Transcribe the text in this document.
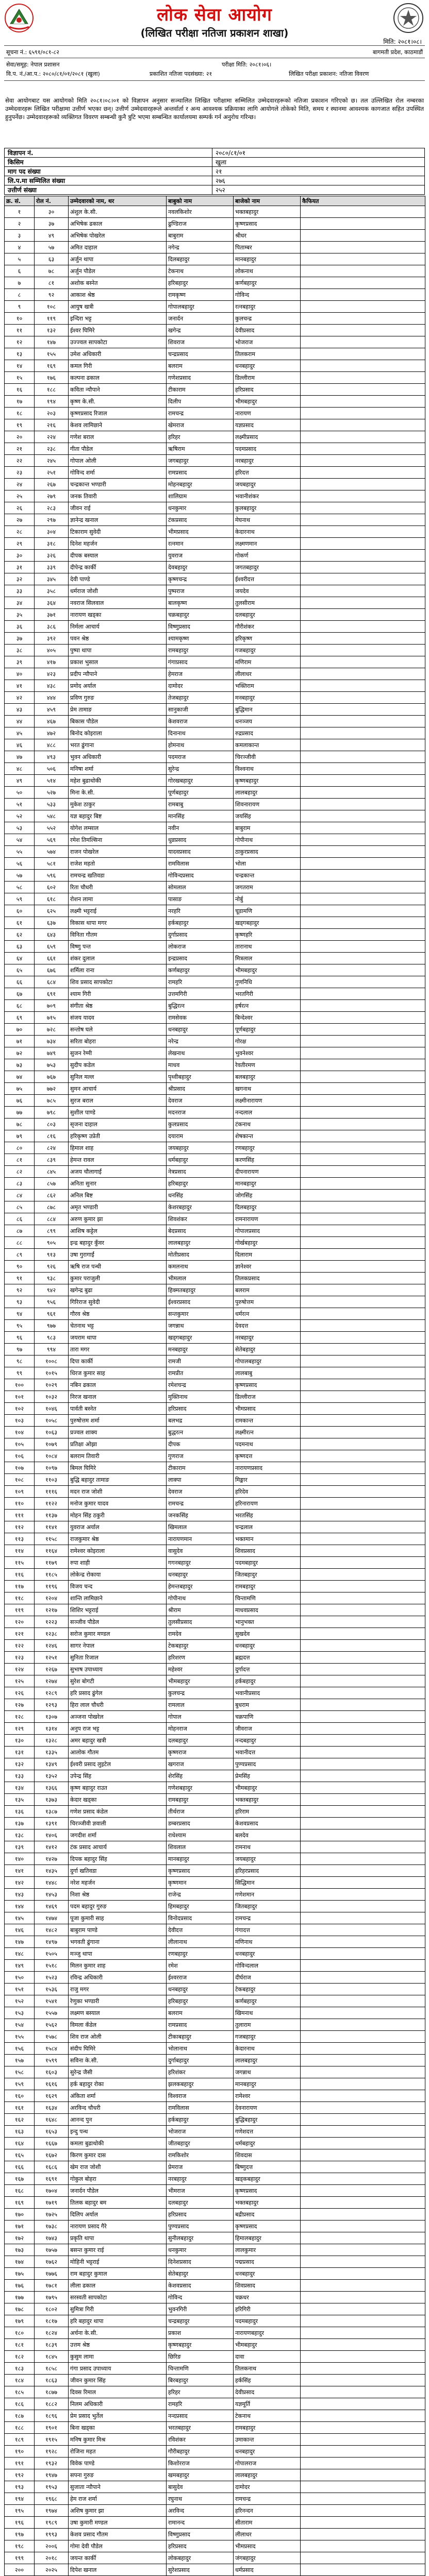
लोक सेवा आयोग
(लिखित परीक्षा नतिजा प्रकाशन शाखा)
मिति: २०८१।०८।
सूचना नं.: ६५९१/०८१-८२	बागमती प्रदेश, काठमाडौं
सेवा/समूह: नेपाल प्रशासन	परीक्षा मिति: २०८१।०६।
वि.प. नं./आ.प.: २०८०/८१/०१/२०८१ (खुला)	प्रकाशित नतिजा पदसंख्या: २१	लिखित परीक्षा प्रकाशन: नतिजा विवरण
सेवा आयोगबाट यस आयोगको मिति २०८१।०८।०१ को विज्ञापन अनुसार सञ्चालित लिखित परीक्षामा सम्मिलित उम्मेदवारहरूको नतिजा प्रकाशन गरिएको छ। तल उल्लिखित रोल नम्बरका उम्मेदवारहरू लिखित परीक्षामा उत्तीर्ण भएका छन्। उत्तीर्ण उम्मेदवारहरूले अन्तर्वार्ता र अन्य आवश्यक प्रक्रियाका लागि आयोगले तोकेको मिति, समय र स्थानमा आवश्यक कागजात सहित उपस्थित हुनुपर्नेछ। उम्मेदवारहरूको व्यक्तिगत विवरण सम्बन्धी कुनै त्रुटि भएमा सम्बन्धित कार्यालयमा सम्पर्क गर्न अनुरोध गरिन्छ।
विज्ञापन नं.	२०८०/८१/०१
किसिम	खुला
माग पद संख्या	२१
लि.प.मा सम्मिलित संख्या	२७६
उत्तीर्ण संख्या	२५२
क्र. सं.	रोल नं.	उम्मेदवारको नाम, थर	बाबुको नाम	बाजेको नाम	कैफियत
१	३०	अंशुल के.सी.	नवलकिशोर	भक्तबहादुर	
२	३७	अभिषेक ढकाल	ढुण्डिराज	कृष्णप्रसाद	
३	४९	अभिषेक पोखरेल	बाबुराम	श्रीधर	
४	५७	अमित दाहाल	नगेन्द्र	पिताम्बर	
५	६३	अर्जुन थापा	दिलबहादुर	मानबहादुर	
६	७८	अर्जुन पौडेल	टेकनाथ	लोकनाथ	
७	८१	अशोक बस्नेत	हरिबहादुर	कर्णबहादुर	
८	९२	आकाश श्रेष्ठ	रामकृष्ण	गोविन्द	
९	१०८	आयुष खत्री	गोपालबहादुर	रत्नबहादुर	
१०	११९	इन्दिरा भट्ट	जनार्दन	कुलचन्द्र	
११	१३२	ईश्वर घिमिरे	खगेन्द्र	देवीप्रसाद	
१२	१४७	उज्ज्वल सापकोटा	शिवराज	भोजराज	
१३	१५५	उमेश अधिकारी	चन्द्रप्रसाद	तिलकराम	
१४	१६९	कमल गिरी	बलराम	धनबहादुर	
१५	१७६	कल्पना ढकाल	गणेशप्रसाद	डिल्लीराम	
१६	१८८	कविता न्यौपाने	टीकाराम	हरिप्रसाद	
१७	१९४	कृष्ण के.सी.	दिलीप	भीमबहादुर	
१८	२०३	कृष्णप्रसाद रिजाल	रामचन्द्र	नारायण	
१९	२१६	केशव लामिछाने	खेमराज	यज्ञप्रसाद	
२०	२२४	गणेश बराल	हरिहर	लक्ष्मीप्रसाद	
२१	२३८	गीता पौडेल	ऋषिराम	पदमप्रसाद	
२२	२४५	गोपाल ओली	जगबहादुर	नरबहादुर	
२३	२५१	गोविन्द शर्मा	रामप्रसाद	हरिदत्त	
२४	२६७	चन्द्रकान्त भण्डारी	मोहनबहादुर	जयबहादुर	
२५	२७९	जनक तिवारी	शालिग्राम	भवानीशंकर	
२६	२८३	जीवन राई	धनकुमार	कुलबहादुर	
२७	२९७	ज्ञानेन्द्र खनाल	टंकप्रसाद	मेघनाथ	
२८	३०४	टिकाराम सुवेदी	भीमप्रसाद	केदारनाथ	
२९	३१८	दिनेश महर्जन	रत्नमान	लक्ष्मणमान	
३०	३२६	दीपक बस्याल	युवराज	गोकर्ण	
३१	३३९	दीपेन्द्र कार्की	देवबहादुर	जगतबहादुर	
३२	३४५	देवी पाण्डे	कृष्णचन्द्र	ईश्वरीदत्त	
३३	३५८	धर्मराज जोशी	पुष्पराज	जयदेव	
३४	३६४	नवराज सिलवाल	बालकृष्ण	तुलसीराम	
३५	३७१	नारायण खड्का	चक्रबहादुर	दलबहादुर	
३६	३८६	निर्मला आचार्य	विष्णुप्रसाद	गौरीशंकर	
३७	३९२	पवन श्रेष्ठ	श्यामकृष्ण	हरिकृष्ण	
३८	४०५	पुष्पा थापा	रामबहादुर	गजबहादुर	
३९	४१७	प्रकाश भुसाल	गंगाप्रसाद	मणिराम	
४०	४२३	प्रदीप न्यौपाने	हेमराज	लीलाधर	
४१	४३८	प्रमोद अर्याल	दामोदर	भक्तिराम	
४२	४४४	प्रविण गुरुङ	तेजबहादुर	मनबहादुर	
४३	४५९	प्रेम तामाङ	सानुकाजी	बुद्धिमान	
४४	४६७	बिकास पौडेल	केशवराज	धनञ्जय	
४५	४७२	बिनोद कोइराला	दिनानाथ	रुद्रप्रसाद	
४६	४८८	भरत ढुंगाना	होमनाथ	कमलाकान्त	
४७	४९३	भुवन अधिकारी	पदमराज	चिरञ्जीवी	
४८	५०६	मनिषा शर्मा	सुरेन्द्र	विश्वनाथ	
४९	५१४	महेश बुढाथोकी	गोरखबहादुर	कृष्णबहादुर	
५०	५२७	मिना के.सी.	पूर्णबहादुर	लालबहादुर	
५१	५३३	मुकेश ठाकुर	रामबाबु	शिवनारायण	
५२	५४८	यज्ञ बहादुर बिष्ट	मानसिंह	जयसिंह	
५३	५५२	योगेश लम्साल	नवीन	बाबुराम	
५४	५६९	रमेश तिमल्सिना	धुव्रप्रसाद	गोपीनाथ	
५५	५७४	राजन पोखरेल	यादवप्रसाद	ठाकुरप्रसाद	
५६	५८१	राजेश महतो	रामविलास	भोला	
५७	५९६	रामचन्द्र खतिवडा	गोविन्दप्रसाद	चन्द्रकान्त	
५८	६०२	रिता चौधरी	सोमलाल	जगतराम	
५९	६१८	रोशन लामा	पासाङ	नोर्बु	
६०	६२५	लक्ष्मी भट्टराई	नरहरि	चूडामणि	
६१	६३७	विकास थापा मगर	हर्कबहादुर	खड्गबहादुर	
६२	६४३	विनिता गौतम	दुर्गाप्रसाद	कृष्णहरि	
६३	६५९	विष्णु पन्त	लोकराज	तारानाथ	
६४	६६१	शंकर दुलाल	इन्द्रप्रसाद	मित्रलाल	
६५	६७६	शर्मिला राना	कर्णबहादुर	भीमबहादुर	
६६	६८४	शिव प्रसाद सापकोटा	रामहरि	गुणनिधि	
६७	६९१	श्याम गिरी	उत्तमगिरी	भरतगिरी	
६८	७०९	संगीता श्रेष्ठ	बुद्धिरत्न	हर्षरत्न	
६९	७१५	संजय यादव	रामसेवक	बिन्देश्वर	
७०	७२८	सन्तोष घले	धनबहादुर	पूर्णबहादुर	
७१	७३४	सरिता बोहरा	नरेन्द्र	गोरक्ष	
७२	७४९	सुजन रेग्मी	लेखनाथ	भुवनेश्वर	
७३	७५३	सुदीप कडेल	माधव	रेवतीरमण	
७४	७६७	सुनिल मल्ल	पृथ्वीबहादुर	बलबहादुर	
७५	७७२	सुमन आचार्य	श्रीप्रसाद	खगनाथ	
७६	७८५	सुरज बराल	देवराज	लक्ष्मीनारायण	
७७	७९८	सुशील पाण्डे	मदनराज	नन्दलाल	
७८	८०३	सृजना दाहाल	कुलप्रसाद	टंकनाथ	
७९	८१६	हरिकृष्ण उप्रेती	दयाराम	शेषकान्त	
८०	८२४	हिमाल शाह	जयबहादुर	रणबहादुर	
८१	८३९	हेमन्त रावल	धर्मबहादुर	करणसिंह	
८२	८४५	अजय चौलागाईं	नेत्रप्रसाद	दीपनारायण	
८३	८५७	अनिता सुनार	हरिबहादुर	मानबहादुर	
८४	८६२	अनिल बिष्ट	धनसिंह	जोगसिंह	
८५	८७८	अमृत भण्डारी	केशरबहादुर	दिलबहादुर	
८६	८८४	अरुण कुमार झा	शिवशंकर	रामनारायण	
८७	८९९	आशिष कट्टेल	बेदप्रसाद	गोपालप्रसाद	
८८	९०५	इन्द्र बहादुर कुँवर	लालबहादुर	गोर्खबहादुर	
८९	९१३	उषा गुरागाईं	मोतीप्रसाद	दिलाराम	
९०	९२६	ऋषि राज पन्थी	कमलनाथ	ज्ञानेश्वर	
९१	९३८	कुमार पराजुली	भीमलाल	तिलकप्रसाद	
९२	९४२	खगेन्द्र बुढा	हिक्मतबहादुर	बलराम	
९३	९५६	गिरिराज सुवेदी	ईश्वरप्रसाद	पुरुषोत्तम	
९४	९६१	गौरव श्रेष्ठ	सन्तकुमार	धर्मरत्न	
९५	९७७	चेतनाथ भट्ट	जगन्नाथ	देवदत्त	
९६	९८३	जयराम थापा	खड्गबहादुर	नरबहादुर	
९७	९९४	तारा मगर	मनबहादुर	सेतेबहादुर	
९८	१००८	दिपा कार्की	रामजी	गोपालबहादुर	
९९	१०१५	धिरज कुमार साह	रामप्रीत	लालबाबु	
१००	१०२९	नबिन ढकाल	रमेशचन्द्र	कृष्णप्रसाद	
१०१	१०३२	निरज खनाल	मुक्तिनाथ	डिल्लीराज	
१०२	१०४६	पार्वती बस्नेत	हरिप्रसाद	भीमप्रसाद	
१०३	१०५८	पुरुषोत्तम शर्मा	बलभद्र	रामकान्त	
१०४	१०६३	प्रज्वल शाक्य	बुद्धरत्न	लक्ष्मीरत्न	
१०५	१०७९	प्रतिक्षा ओझा	दीपक	पदमनाथ	
१०६	१०८४	बलराम तिवारी	गुणराज	कृष्णदत्त	
१०७	१०९७	बिमल घिमिरे	टीकाराम	नारायणप्रसाद	
१०८	११०३	बुद्धि बहादुर तामाङ	लाक्पा	मिङ्मार	
१०९	१११६	मदन राज जोशी	देवराज	हरिदेव	
११०	११२२	मनोज कुमार यादव	रामचन्द्र	हरिनारायण	
१११	११३७	मोहन सिंह ठकुरी	जनकसिंह	भरतसिंह	
११२	११४१	युवराज अर्याल	खिमलाल	चन्द्रलाल	
११३	११५८	राजकुमार श्रेष्ठ	नारायणमान	भक्तमान	
११४	११६४	रामेश्वर कोइराला	वासुदेव	शिवप्रसाद	
११५	११७९	रुपा शाही	गगनबहादुर	पदमबहादुर	
११६	११८५	लोकेन्द्र रोकाया	धनबहादुर	जितबहादुर	
११७	११९६	विजय चन्द	हेमन्तबहादुर	रामबहादुर	
११८	१२०४	शान्ति लामिछाने	गोपीनाथ	चिन्तामणि	
११९	१२१७	शिशिर भट्टराई	श्रीराम	माधवप्रसाद	
१२०	१२२३	सञ्जीव पौडेल	तुलसीप्रसाद	भानुभक्त	
१२१	१२३८	सरोज कुमार मण्डल	रामदेव	सुखदेव	
१२२	१२४६	सागर नेपाल	टेकबहादुर	धनबहादुर	
१२३	१२५१	सुनिता रिजाल	हरिशरण	ब्रह्मदत्त	
१२४	१२६७	सुभाष उपाध्याय	महेश्वर	दुर्गादत्त	
१२५	१२७४	सुरेश बोगटी	भीमबहादुर	हर्कबहादुर	
१२६	१२८९	हरि प्रसाद ढुंगेल	कुलचन्द्र	भवानीप्रसाद	
१२७	१२९३	हिरा लाल चौधरी	रामलाल	बुधराम	
१२८	१३०७	अञ्जना पोखरेल	गोपाल	चक्रपाणि	
१२९	१३१४	अनुप राज भट्ट	मोहनराज	जीवराज	
१३०	१३२८	अमर बहादुर खत्री	दलबहादुर	नन्दबहादुर	
१३१	१३३५	आलोक गौतम	कृष्णराज	भवानीदत्त	
१३२	१३४९	ईश्वरी प्रसाद लुइटेल	खगराज	पुण्यप्रसाद	
१३३	१३५२	उपेन्द्र सिंह	शेरसिंह	प्रेमसिंह	
१३४	१३६६	कृष्ण बहादुर राउत	गणेशबहादुर	भीमबहादुर	
१३५	१३७३	केदार खड्का	रामबहादुर	भक्तबहादुर	
१३६	१३८७	गणेश प्रसाद कंडेल	तीर्थराज	हरिराम	
१३७	१३९१	चिरञ्जीवी ज्ञवाली	डम्बरप्रसाद	केशवप्रसाद	
१३८	१४०६	जगदीश शर्मा	राधेश्याम	बलदेव	
१३९	१४१२	टंक प्रसाद आचार्य	शिवलाल	रामनाथ	
१४०	१४२७	दिपक बहादुर सिंह	मानबहादुर	जयबहादुर	
१४१	१४३५	दुर्गा खतिवडा	कृष्णप्रसाद	हरिहरप्रसाद	
१४२	१४४८	नरेश महर्जन	कृष्णमान	सिद्धिमान	
१४३	१४५३	निशा श्रेष्ठ	राजेन्द्र	गणेशमान	
१४४	१४६९	पदम बहादुर गुरुङ	हिमबहादुर	जितबहादुर	
१४५	१४७४	पूजा कुमारी साह	विनोदप्रसाद	रामचन्द्र	
१४६	१४८२	बाबुराम पाण्डे	देवीदत्त	गंगादत्त	
१४७	१४९७	भगवती ढुंगाना	लीलानाथ	मणिनाथ	
१४८	१५०५	मञ्जु थापा	रणबहादुर	धनबहादुर	
१४९	१५१८	मिलन कुमार शाह	रमेश	गोविन्दलाल	
१५०	१५२३	रविन्द्र अधिकारी	ईश्वरराज	दीर्घराज	
१५१	१५३६	राजु मगर	धनबहादुर	टेकबहादुर	
१५२	१५४१	रेणुका भण्डारी	हरिबहादुर	कर्णबहादुर	
१५३	१५५७	लक्ष्मण बस्याल	बलराम	खिमनाथ	
१५४	१५६२	विमला कँडेल	रामप्रसाद	तुलाराम	
१५५	१५७८	शिव राज ओली	टीकाबहादुर	गजबहादुर	
१५६	१५८४	संदीप घिमिरे	भोलानाथ	केदारनाथ	
१५७	१५९९	सविना के.सी.	दुर्गाबहादुर	लालबहादुर	
१५८	१६०३	सुरेन्द्र जैसी	हरिशंकर	जगन्नाथ	
१५९	१६१६	हर्क बहादुर रोका	झलकबहादुर	मानबहादुर	
१६०	१६२९	अंकिता शर्मा	विश्वराज	रामेश्वर	
१६१	१६३४	अरविन्द चौधरी	रामविलास	देवनारायण	
१६२	१६४८	आनन्द पुन	हर्कबहादुर	बुद्धिबहादुर	
१६३	१६५३	इन्दु पन्थ	भोजराज	गणेशदत्त	
१६४	१६६७	कमला बुढाथोकी	जीतबहादुर	धर्मबहादुर	
१६५	१६७२	किरण कुमार दास	रामकिशोर	शिवदास	
१६६	१६८६	खेम राज जोशी	प्रेमराज	बिष्णुदत्त	
१६७	१६९१	गोकुल बोहरा	नरबहादुर	खड्कबहादुर	
१६८	१७०४	जनार्दन पौडेल	भीमराज	कृष्णप्रसाद	
१६९	१७१९	तिलक बहादुर बम	दलबहादुर	भक्तबहादुर	
१७०	१७२५	दिलिप अर्याल	हरिप्रसाद	बद्रीप्रसाद	
१७१	१७३८	नारायण प्रसाद गैरे	पुण्यप्रसाद	कृष्णप्रसाद	
१७२	१७४३	प्रकृति थापा	सुनीलबहादुर	हिमालबहादुर	
१७३	१७५७	बसन्त कुमार राई	धनकुमार	लालकुमार	
१७४	१७६२	मोहिनी भट्टराई	दिनेशप्रसाद	पद्मप्रसाद	
१७५	१७७६	राम बहादुर कुमाल	सेतेबहादुर	धनबहादुर	
१७६	१७८१	लीला ढकाल	केशवप्रसाद	शिवप्रसाद	
१७७	१७९५	सरस्वती सापकोटा	गोविन्द	चक्रधर	
१७८	१८०२	सुमित्रा गिरी	भुवनगिरी	हरिगिरी	
१७९	१८१७	हरि बहादुर थापा	चन्द्रबहादुर	पदमबहादुर	
१८०	१८२४	अर्चना के.सी.	प्रकाश	नारायणबहादुर	
१८१	१८३९	उत्तम श्रेष्ठ	कृष्णबहादुर	भीमबहादुर	
१८२	१८४५	कुसुम लामा	छिरिङ	दावा	
१८३	१८५८	गंगा प्रसाद उपाध्याय	चिन्तामणि	तिलकनाथ	
१८४	१८६३	जीवन कुमार सिंह	बिरबहादुर	हर्कसिंह	
१८५	१८७७	दिवस रिमाल	हरिहर	देवीप्रसाद	
१८६	१८८२	निलम अधिकारी	रामहरि	यज्ञमूर्ति	
१८७	१८९६	प्रेम प्रसाद भुर्तेल	नन्दप्रसाद	टेकनाथ	
१८८	१९०१	बिना खड्का	भरतबहादुर	रामबहादुर	
१८९	१९१५	मनिष कुमार मिश्र	रविशंकर	उमाकान्त	
१९०	१९२८	रोजिना महत	गौरीबहादुर	धनबहादुर	
१९१	१९३२	विवेक पाण्डे	किशोरराज	गोपालराज	
१९२	१९४७	सपना गुरुङ	खमबहादुर	लालबहादुर	
१९३	१९५३	सुजाता न्यौपाने	बासुदेव	दामोदर	
१९४	१९६८	हेम राज शर्मा	रघुनाथ	रामचन्द्र	
१९५	१९७४	अशिष कुमार झा	अरविन्द	हरिनन्दन	
१९६	१९८९	उषा कुमारी मण्डल	रामानन्द	सीताराम	
१९७	१९९३	केशव प्रसाद गौतम	विष्णुप्रसाद	लीलाधर	
१९८	२००६	गोमा देवी पौडेल	हरिप्रसाद	भीमप्रसाद	
१९९	२०१८	जयन्त कार्की	लोकबहादुर	जंगबहादुर	
२००	२०२५	दिपेश खनाल	सुरेशप्रसाद	धर्मप्रसाद	
